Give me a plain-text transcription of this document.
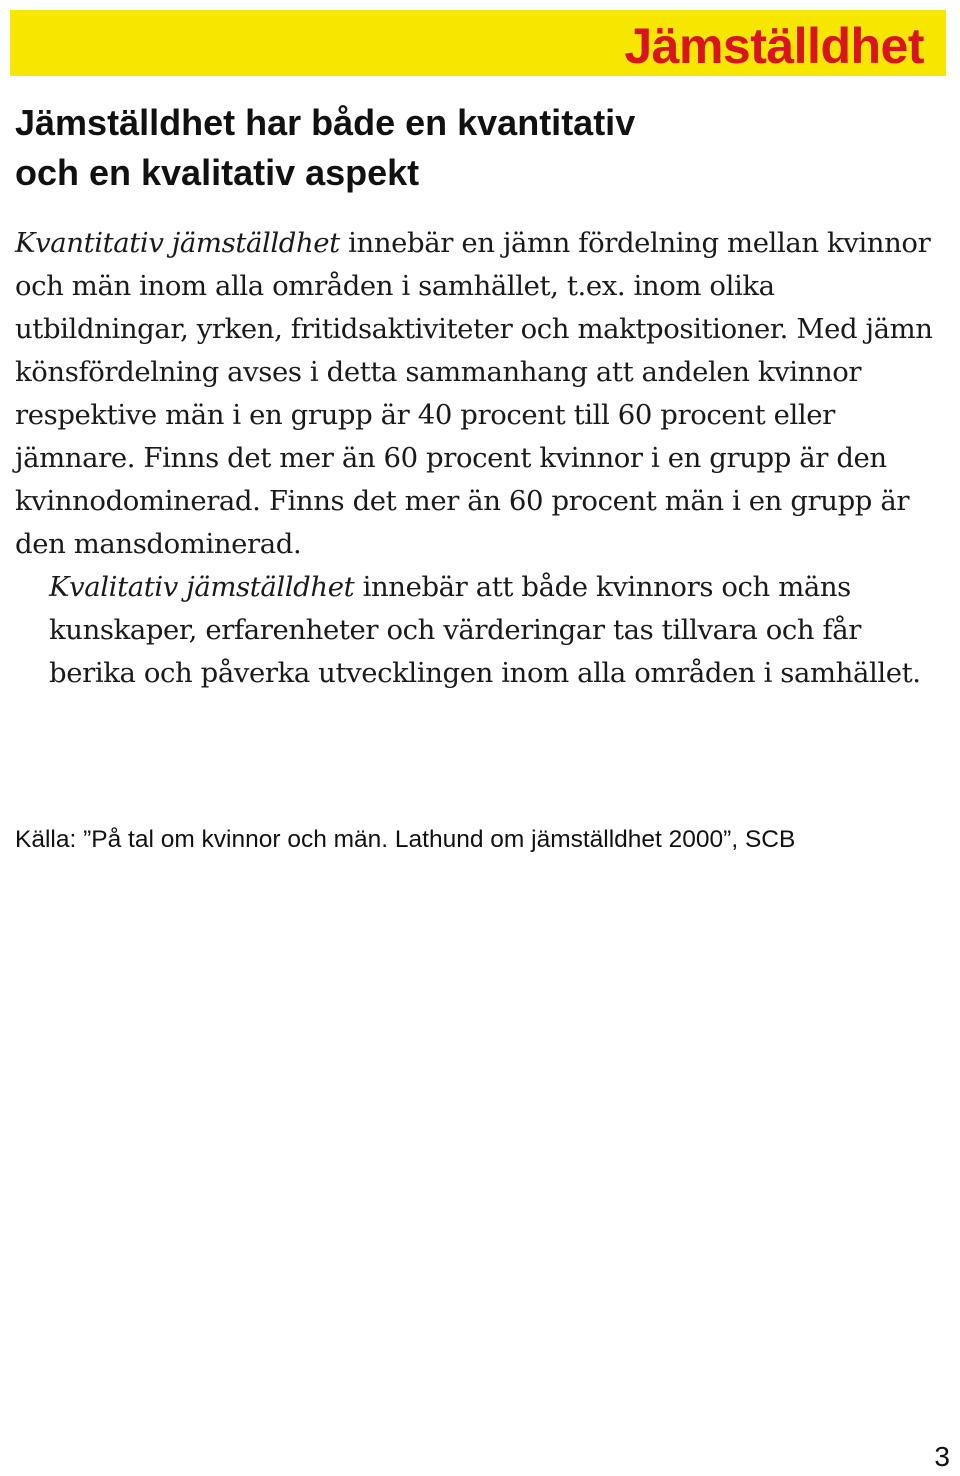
Jämställdhet
Jämställdhet har både en kvantitativ
och en kvalitativ aspekt

Kvantitativ jämställdhet innebär en jämn fördelning mellan kvinnor och män inom alla områden i samhället, t.ex. inom olika utbildningar, yrken, fritidsaktiviteter och maktpositioner. Med jämn könsfördelning avses i detta sammanhang att andelen kvinnor respektive män i en grupp är 40 procent till 60 procent eller jämnare. Finns det mer än 60 procent kvinnor i en grupp är den kvinnodominerad. Finns det mer än 60 procent män i en grupp är den mansdominerad.

Kvalitativ jämställdhet innebär att både kvinnors och mäns kunskaper, erfarenheter och värderingar tas tillvara och får berika och påverka utvecklingen inom alla områden i samhället.

Källa: ”På tal om kvinnor och män. Lathund om jämställdhet 2000”, SCB
3
